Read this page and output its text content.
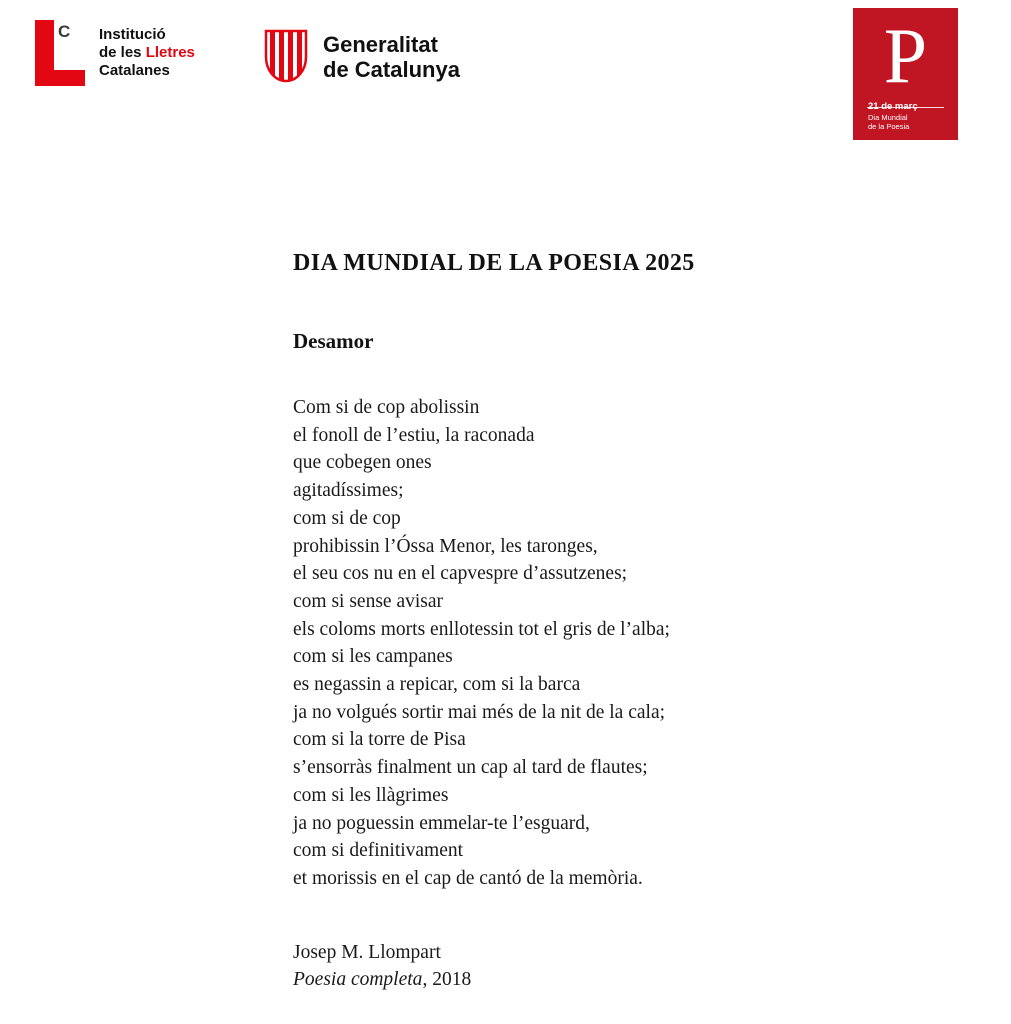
C Institució
de les Lletres
Catalanes
Generalitat
de Catalunya	P
21 de març
Dia Mundial
de la Poesia
DIA MUNDIAL DE LA POESIA 2025
Desamor
Com si de cop abolissin
el fonoll de l’estiu, la raconada
que cobegen ones
agitadíssimes;
com si de cop
prohibissin l’Óssa Menor, les taronges,
el seu cos nu en el capvespre d’assutzenes;
com si sense avisar
els coloms morts enllotessin tot el gris de l’alba;
com si les campanes
es negassin a repicar, com si la barca
ja no volgués sortir mai més de la nit de la cala;
com si la torre de Pisa
s’ensorràs finalment un cap al tard de flautes;
com si les llàgrimes
ja no poguessin emmelar-te l’esguard,
com si definitivament
et morissis en el cap de cantó de la memòria.
Josep M. Llompart
Poesia completa, 2018
